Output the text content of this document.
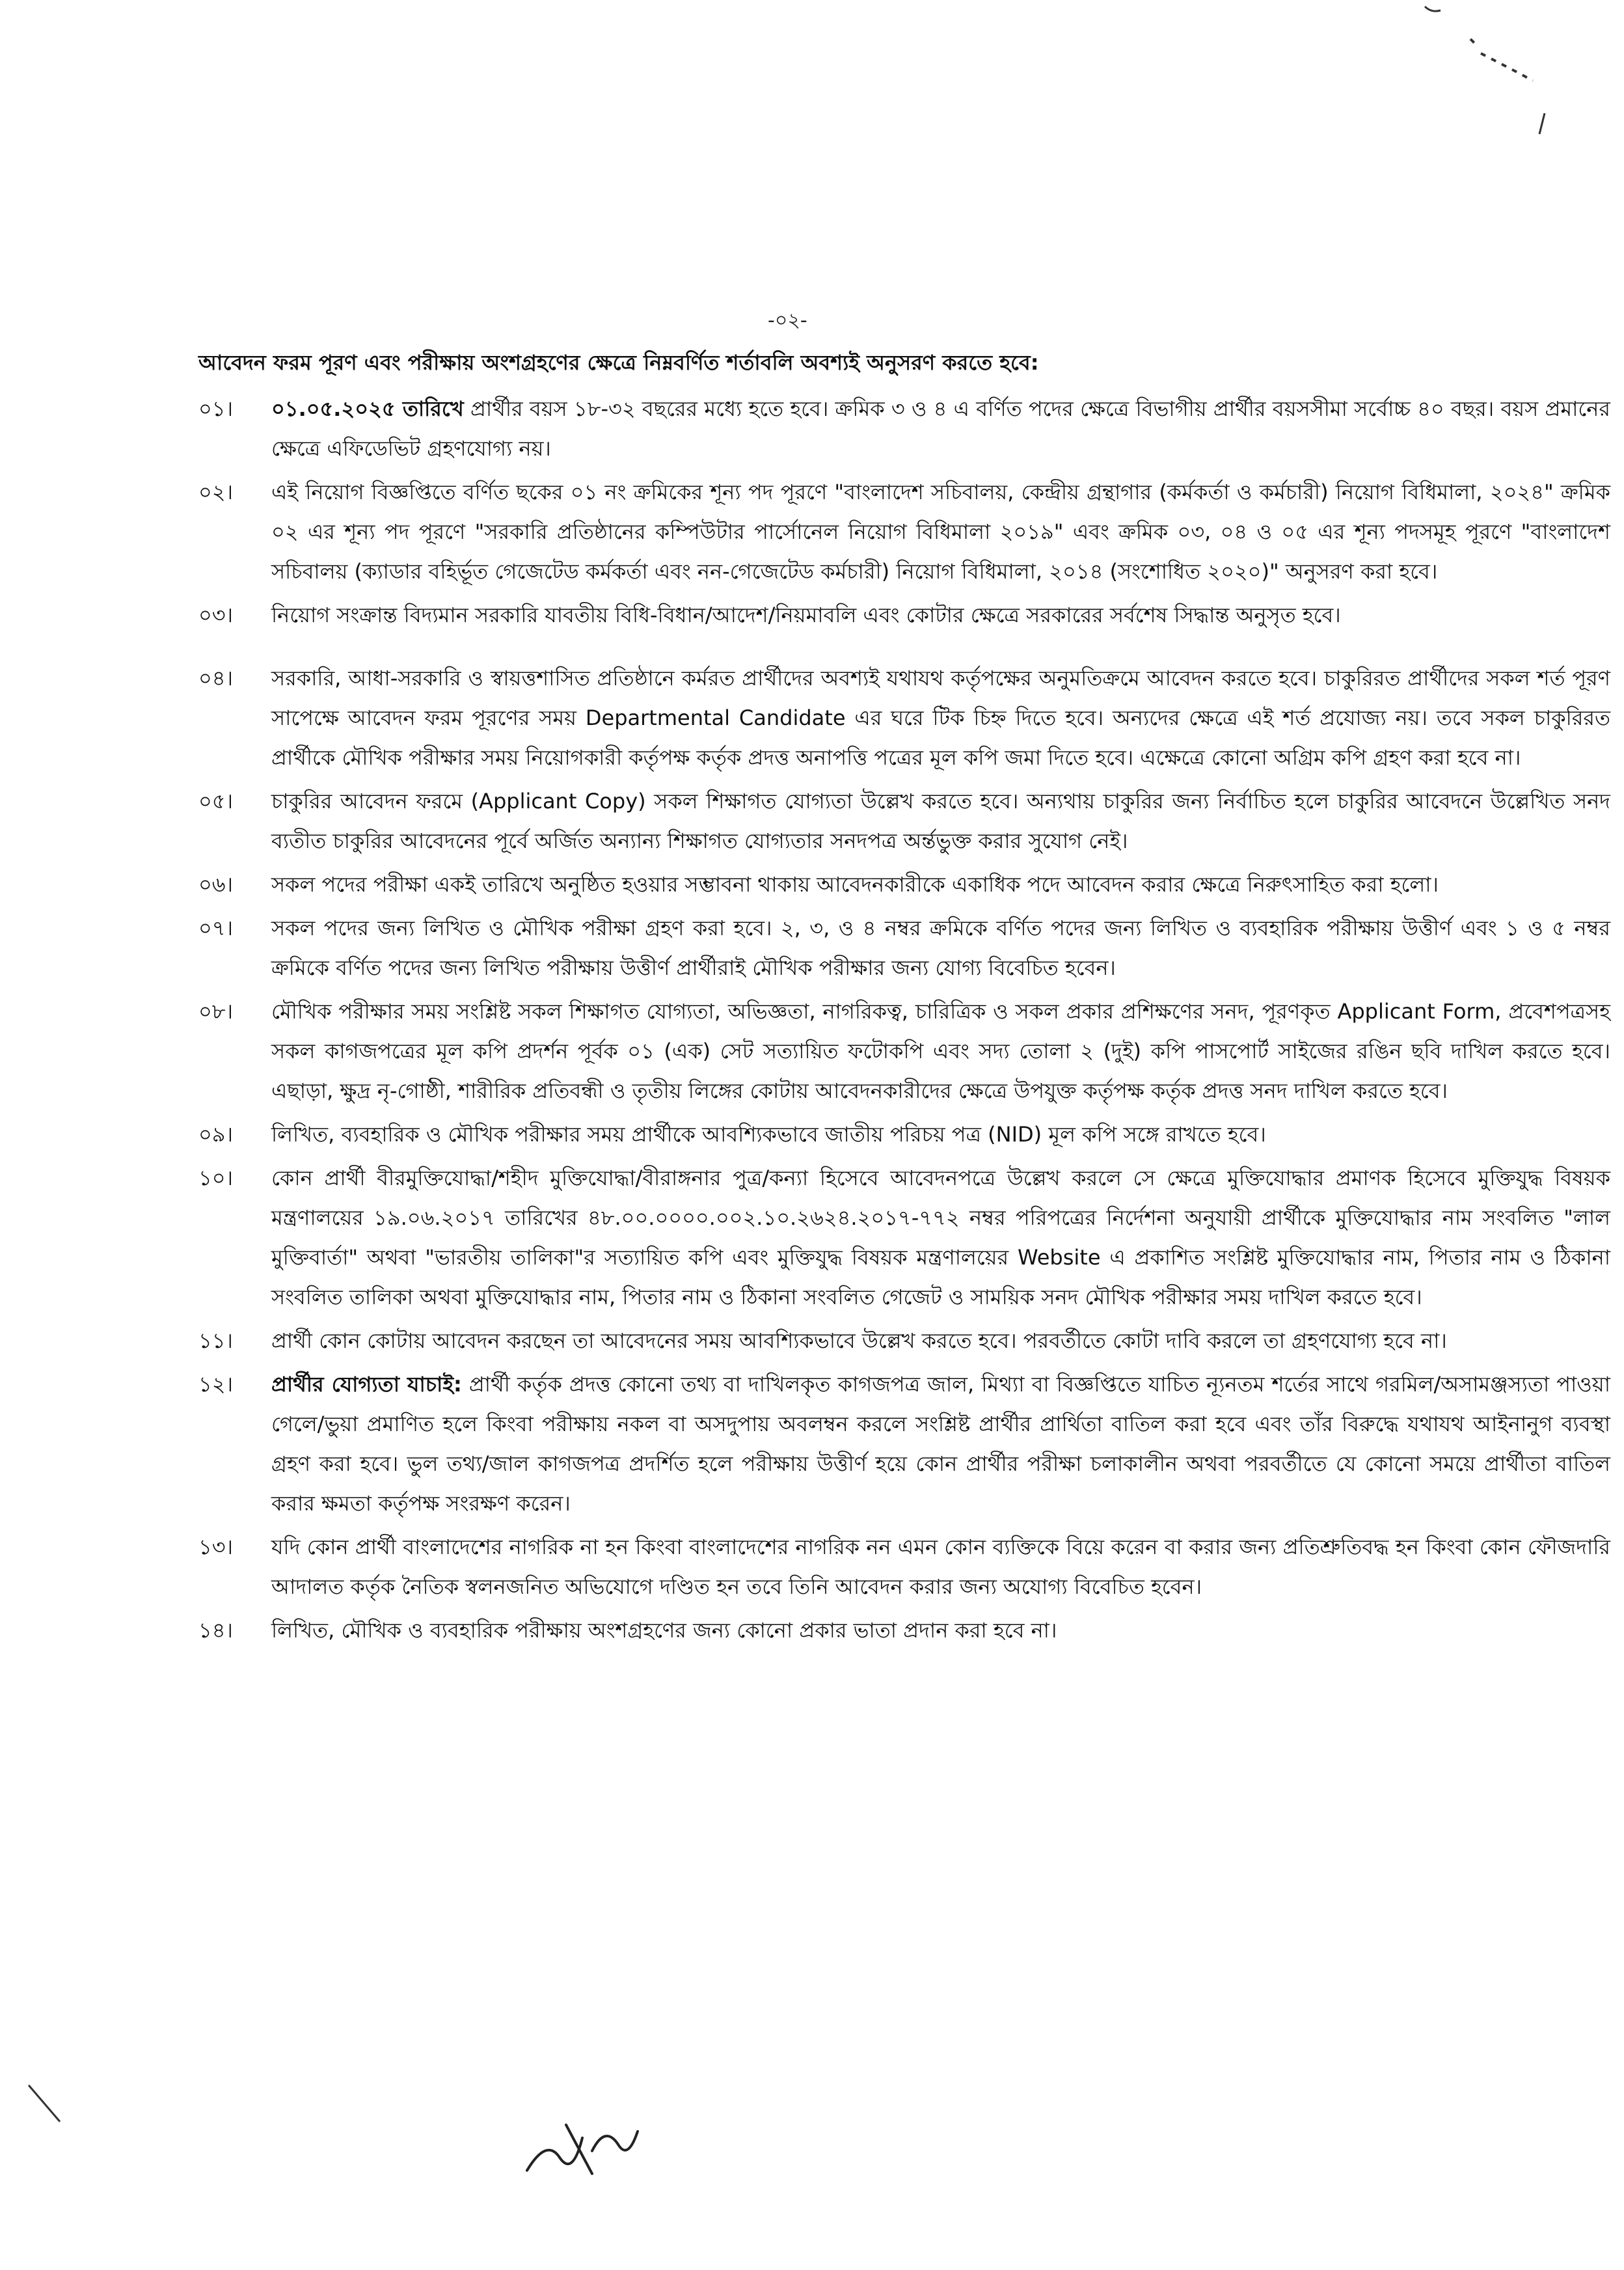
-০২-
আবেদন ফরম পূরণ এবং পরীক্ষায় অংশগ্রহণের ক্ষেত্রে নিম্নবর্ণিত শর্তাবলি অবশ্যই অনুসরণ করতে হবে:
০১।	০১.০৫.২০২৫ তারিখে প্রার্থীর বয়স ১৮-৩২ বছরের মধ্যে হতে হবে। ক্রমিক ৩ ও ৪ এ বর্ণিত পদের ক্ষেত্রে বিভাগীয় প্রার্থীর বয়সসীমা সর্বোচ্চ ৪০ বছর। বয়স প্রমানের ক্ষেত্রে এফিডেভিট গ্রহণযোগ্য নয়।
০২।	এই নিয়োগ বিজ্ঞপ্তিতে বর্ণিত ছকের ০১ নং ক্রমিকের শূন্য পদ পূরণে "বাংলাদেশ সচিবালয়, কেন্দ্রীয় গ্রন্থাগার (কর্মকর্তা ও কর্মচারী) নিয়োগ বিধিমালা, ২০২৪" ক্রমিক ০২ এর শূন্য পদ পূরণে "সরকারি প্রতিষ্ঠানের কম্পিউটার পার্সোনেল নিয়োগ বিধিমালা ২০১৯" এবং ক্রমিক ০৩, ০৪ ও ০৫ এর শূন্য পদসমূহ পূরণে "বাংলাদেশ সচিবালয় (ক্যাডার বহির্ভূত গেজেটেড কর্মকর্তা এবং নন-গেজেটেড কর্মচারী) নিয়োগ বিধিমালা, ২০১৪ (সংশোধিত ২০২০)" অনুসরণ করা হবে।
০৩।	নিয়োগ সংক্রান্ত বিদ্যমান সরকারি যাবতীয় বিধি-বিধান/আদেশ/নিয়মাবলি এবং কোটার ক্ষেত্রে সরকারের সর্বশেষ সিদ্ধান্ত অনুসৃত হবে।
০৪।	সরকারি, আধা-সরকারি ও স্বায়ত্তশাসিত প্রতিষ্ঠানে কর্মরত প্রার্থীদের অবশ্যই যথাযথ কর্তৃপক্ষের অনুমতিক্রমে আবেদন করতে হবে। চাকুরিরত প্রার্থীদের সকল শর্ত পূরণ সাপেক্ষে আবেদন ফরম পূরণের সময় Departmental Candidate এর ঘরে টিক চিহ্ন দিতে হবে। অন্যদের ক্ষেত্রে এই শর্ত প্রযোজ্য নয়। তবে সকল চাকুরিরত প্রার্থীকে মৌখিক পরীক্ষার সময় নিয়োগকারী কর্তৃপক্ষ কর্তৃক প্রদত্ত অনাপত্তি পত্রের মূল কপি জমা দিতে হবে। এক্ষেত্রে কোনো অগ্রিম কপি গ্রহণ করা হবে না।
০৫।	চাকুরির আবেদন ফরমে (Applicant Copy) সকল শিক্ষাগত যোগ্যতা উল্লেখ করতে হবে। অন্যথায় চাকুরির জন্য নির্বাচিত হলে চাকুরির আবেদনে উল্লেখিত সনদ ব্যতীত চাকুরির আবেদনের পূর্বে অর্জিত অন্যান্য শিক্ষাগত যোগ্যতার সনদপত্র অর্ন্তভুক্ত করার সুযোগ নেই।
০৬।	সকল পদের পরীক্ষা একই তারিখে অনুষ্ঠিত হওয়ার সম্ভাবনা থাকায় আবেদনকারীকে একাধিক পদে আবেদন করার ক্ষেত্রে নিরুৎসাহিত করা হলো।
০৭।	সকল পদের জন্য লিখিত ও মৌখিক পরীক্ষা গ্রহণ করা হবে। ২, ৩, ও ৪ নম্বর ক্রমিকে বর্ণিত পদের জন্য লিখিত ও ব্যবহারিক পরীক্ষায় উত্তীর্ণ এবং ১ ও ৫ নম্বর ক্রমিকে বর্ণিত পদের জন্য লিখিত পরীক্ষায় উত্তীর্ণ প্রার্থীরাই মৌখিক পরীক্ষার জন্য যোগ্য বিবেচিত হবেন।
০৮।	মৌখিক পরীক্ষার সময় সংশ্লিষ্ট সকল শিক্ষাগত যোগ্যতা, অভিজ্ঞতা, নাগরিকত্ব, চারিত্রিক ও সকল প্রকার প্রশিক্ষণের সনদ, পূরণকৃত Applicant Form, প্রবেশপত্রসহ সকল কাগজপত্রের মূল কপি প্রদর্শন পূর্বক ০১ (এক) সেট সত্যায়িত ফটোকপি এবং সদ্য তোলা ২ (দুই) কপি পাসপোর্ট সাইজের রঙিন ছবি দাখিল করতে হবে। এছাড়া, ক্ষুদ্র নৃ-গোষ্ঠী, শারীরিক প্রতিবন্ধী ও তৃতীয় লিঙ্গের কোটায় আবেদনকারীদের ক্ষেত্রে উপযুক্ত কর্তৃপক্ষ কর্তৃক প্রদত্ত সনদ দাখিল করতে হবে।
০৯।	লিখিত, ব্যবহারিক ও মৌখিক পরীক্ষার সময় প্রার্থীকে আবশ্যিকভাবে জাতীয় পরিচয় পত্র (NID) মূল কপি সঙ্গে রাখতে হবে।
১০।	কোন প্রার্থী বীরমুক্তিযোদ্ধা/শহীদ মুক্তিযোদ্ধা/বীরাঙ্গনার পুত্র/কন্যা হিসেবে আবেদনপত্রে উল্লেখ করলে সে ক্ষেত্রে মুক্তিযোদ্ধার প্রমাণক হিসেবে মুক্তিযুদ্ধ বিষয়ক মন্ত্রণালয়ের ১৯.০৬.২০১৭ তারিখের ৪৮.০০.০০০০.০০২.১০.২৬২৪.২০১৭-৭৭২ নম্বর পরিপত্রের নির্দেশনা অনুযায়ী প্রার্থীকে মুক্তিযোদ্ধার নাম সংবলিত "লাল মুক্তিবার্তা" অথবা "ভারতীয় তালিকা"র সত্যায়িত কপি এবং মুক্তিযুদ্ধ বিষয়ক মন্ত্রণালয়ের Website এ প্রকাশিত সংশ্লিষ্ট মুক্তিযোদ্ধার নাম, পিতার নাম ও ঠিকানা সংবলিত তালিকা অথবা মুক্তিযোদ্ধার নাম, পিতার নাম ও ঠিকানা সংবলিত গেজেট ও সাময়িক সনদ মৌখিক পরীক্ষার সময় দাখিল করতে হবে।
১১।	প্রার্থী কোন কোটায় আবেদন করছেন তা আবেদনের সময় আবশ্যিকভাবে উল্লেখ করতে হবে। পরবর্তীতে কোটা দাবি করলে তা গ্রহণযোগ্য হবে না।
১২।	প্রার্থীর যোগ্যতা যাচাই: প্রার্থী কর্তৃক প্রদত্ত কোনো তথ্য বা দাখিলকৃত কাগজপত্র জাল, মিথ্যা বা বিজ্ঞপ্তিতে যাচিত ন্যূনতম শর্তের সাথে গরমিল/অসামঞ্জস্যতা পাওয়া গেলে/ভুয়া প্রমাণিত হলে কিংবা পরীক্ষায় নকল বা অসদুপায় অবলম্বন করলে সংশ্লিষ্ট প্রার্থীর প্রার্থিতা বাতিল করা হবে এবং তাঁর বিরুদ্ধে যথাযথ আইনানুগ ব্যবস্থা গ্রহণ করা হবে। ভুল তথ্য/জাল কাগজপত্র প্রদর্শিত হলে পরীক্ষায় উত্তীর্ণ হয়ে কোন প্রার্থীর পরীক্ষা চলাকালীন অথবা পরবর্তীতে যে কোনো সময়ে প্রার্থীতা বাতিল করার ক্ষমতা কর্তৃপক্ষ সংরক্ষণ করেন।
১৩।	যদি কোন প্রার্থী বাংলাদেশের নাগরিক না হন কিংবা বাংলাদেশের নাগরিক নন এমন কোন ব্যক্তিকে বিয়ে করেন বা করার জন্য প্রতিশ্রুতিবদ্ধ হন কিংবা কোন ফৌজদারি আদালত কর্তৃক নৈতিক স্বলনজনিত অভিযোগে দণ্ডিত হন তবে তিনি আবেদন করার জন্য অযোগ্য বিবেচিত হবেন।
১৪।	লিখিত, মৌখিক ও ব্যবহারিক পরীক্ষায় অংশগ্রহণের জন্য কোনো প্রকার ভাতা প্রদান করা হবে না।
